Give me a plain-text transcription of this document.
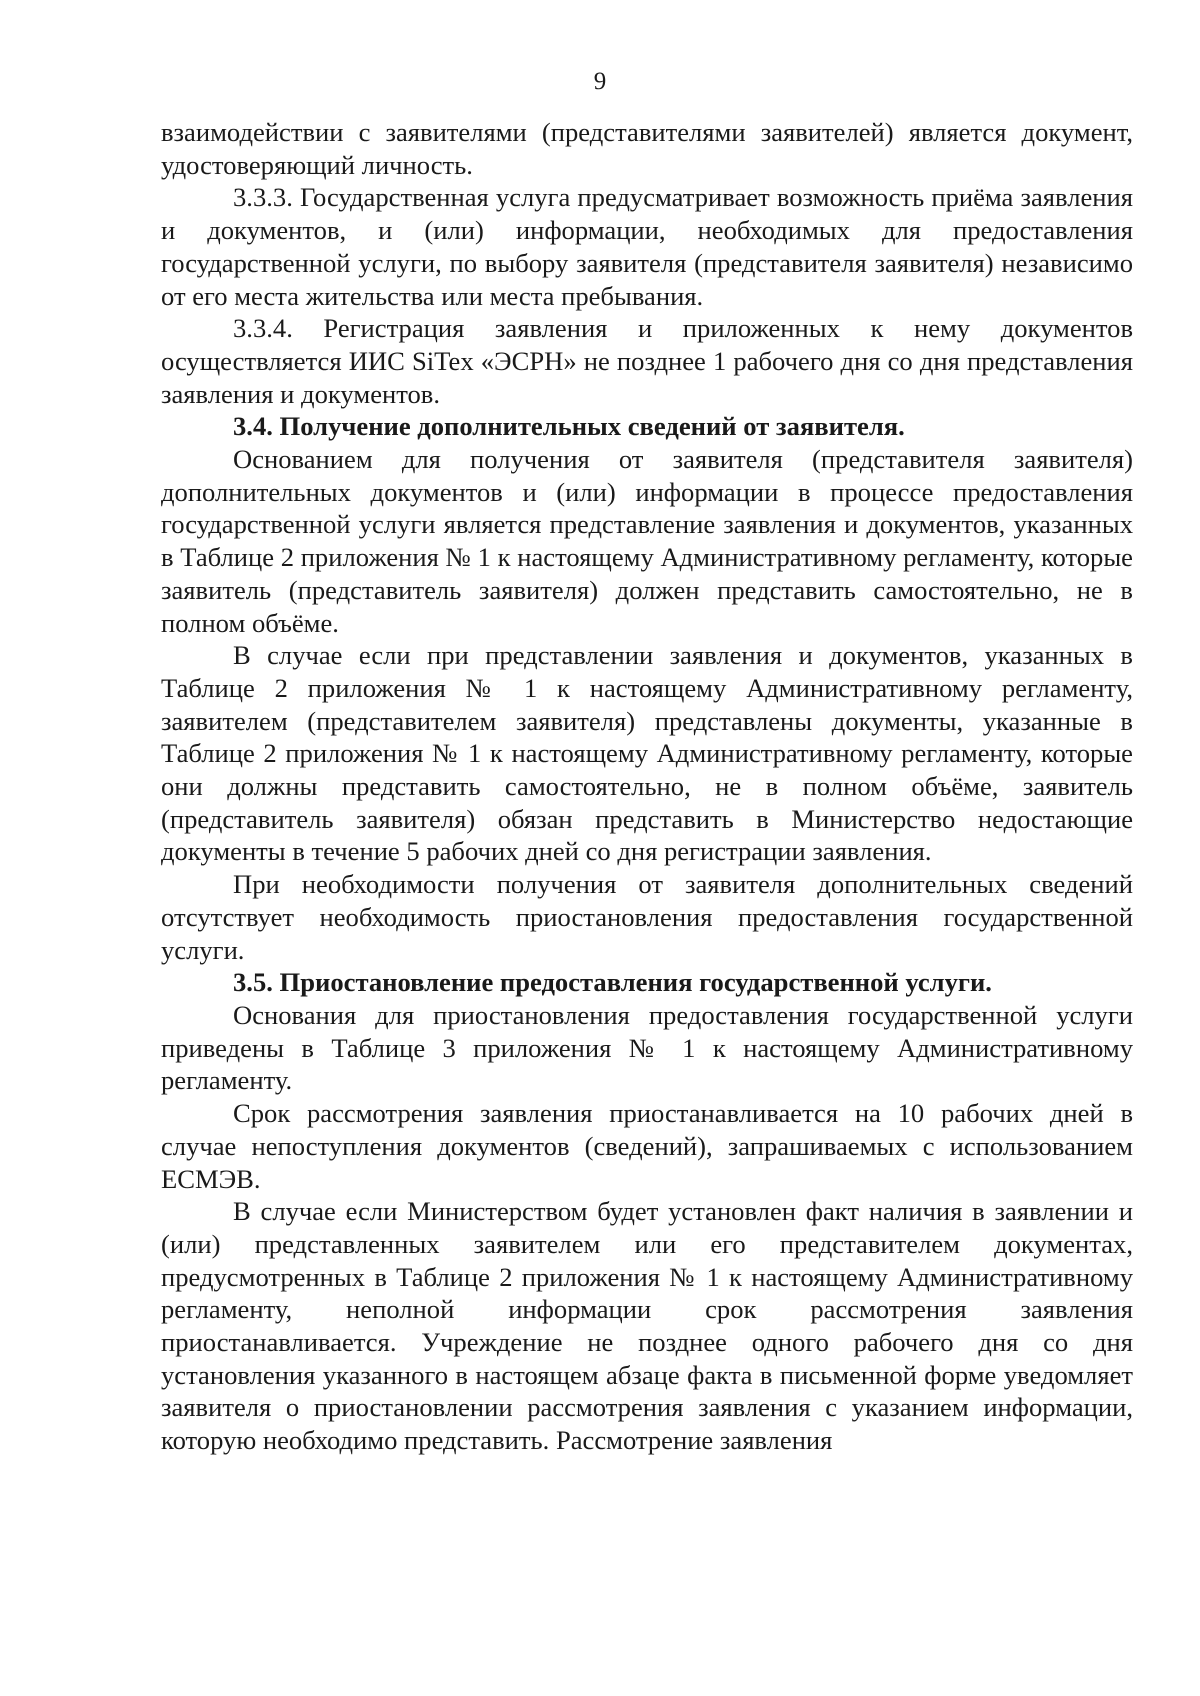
9

взаимодействии с заявителями (представителями заявителей) является документ, удостоверяющий личность.

3.3.3. Государственная услуга предусматривает возможность приёма заявления и документов, и (или) информации, необходимых для предоставления государственной услуги, по выбору заявителя (представителя заявителя) независимо от его места жительства или места пребывания.

3.3.4. Регистрация заявления и приложенных к нему документов осуществляется ИИС SiTex «ЭСРН» не позднее 1 рабочего дня со дня представления заявления и документов.

3.4. Получение дополнительных сведений от заявителя.

Основанием для получения от заявителя (представителя заявителя) дополнительных документов и (или) информации в процессе предоставления государственной услуги является представление заявления и документов, указанных в Таблице 2 приложения № 1 к настоящему Административному регламенту, которые заявитель (представитель заявителя) должен представить самостоятельно, не в полном объёме.

В случае если при представлении заявления и документов, указанных в Таблице 2 приложения № 1 к настоящему Административному регламенту, заявителем (представителем заявителя) представлены документы, указанные в Таблице 2 приложения № 1 к настоящему Административному регламенту, которые они должны представить самостоятельно, не в полном объёме, заявитель (представитель заявителя) обязан представить в Министерство недостающие документы в течение 5 рабочих дней со дня регистрации заявления.

При необходимости получения от заявителя дополнительных сведений отсутствует необходимость приостановления предоставления государственной услуги.

3.5. Приостановление предоставления государственной услуги.

Основания для приостановления предоставления государственной услуги приведены в Таблице 3 приложения № 1 к настоящему Административному регламенту.

Срок рассмотрения заявления приостанавливается на 10 рабочих дней в случае непоступления документов (сведений), запрашиваемых с использованием ЕСМЭВ.

В случае если Министерством будет установлен факт наличия в заявлении и (или) представленных заявителем или его представителем документах, предусмотренных в Таблице 2 приложения № 1 к настоящему Административному регламенту, неполной информации срок рассмотрения заявления приостанавливается. Учреждение не позднее одного рабочего дня со дня установления указанного в настоящем абзаце факта в письменной форме уведомляет заявителя о приостановлении рассмотрения заявления с указанием информации, которую необходимо представить. Рассмотрение заявления
